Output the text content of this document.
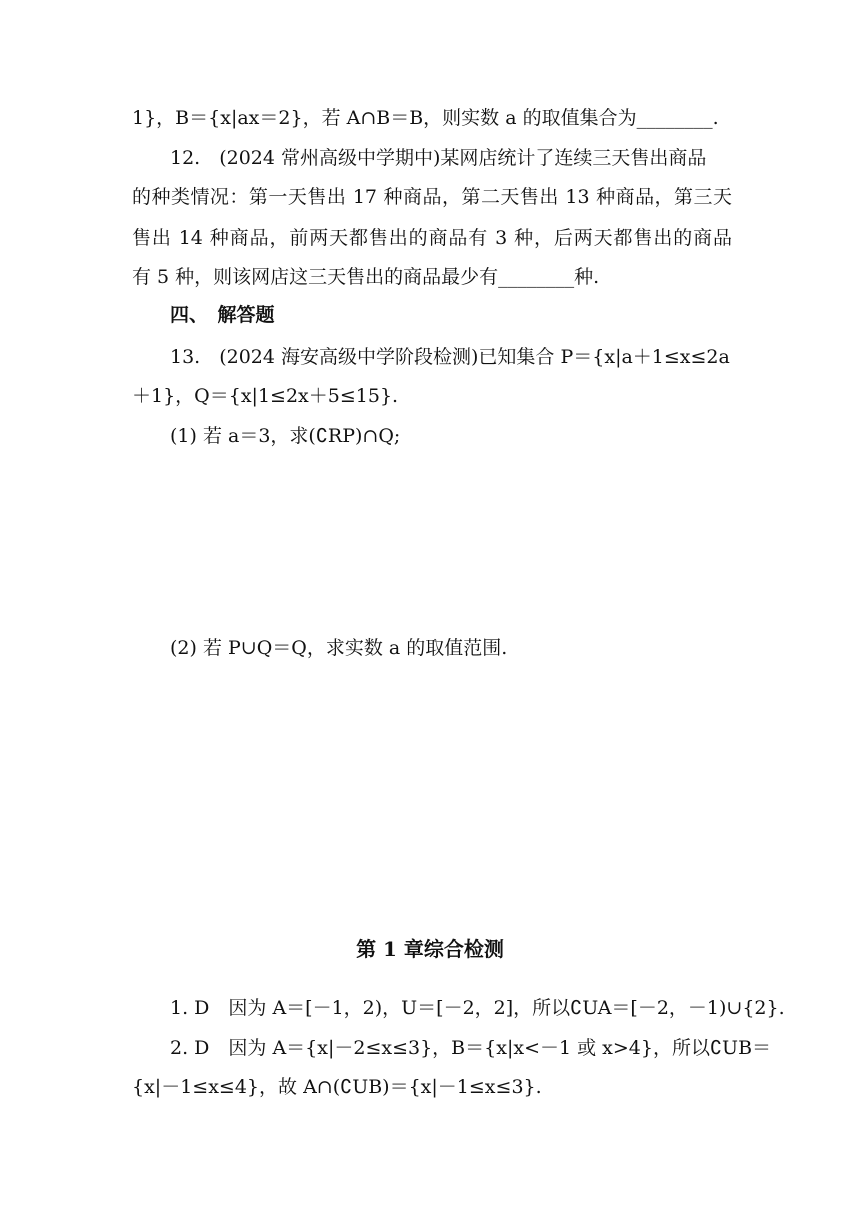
1}，B＝{x|ax＝2}，若 A∩B＝B，则实数 a 的取值集合为________.
12.　(2024 常州高级中学期中)某网店统计了连续三天售出商品
的种类情况：第一天售出 17 种商品，第二天售出 13 种商品，第三天
售出 14 种商品，前两天都售出的商品有 3 种，后两天都售出的商品
有 5 种，则该网店这三天售出的商品最少有________种.
四、　解答题
13.　(2024 海安高级中学阶段检测)已知集合 P＝{x|a＋1≤x≤2a
＋1}，Q＝{x|1≤2x＋5≤15}.
(1) 若 a＝3，求(∁RP)∩Q;
(2) 若 P∪Q＝Q，求实数 a 的取值范围.
第 1 章综合检测
1. D　因为 A＝[－1，2)，U＝[－2，2]，所以∁UA＝[－2，－1)∪{2}.
2. D　因为 A＝{x|－2≤x≤3}，B＝{x|x<－1 或 x>4}，所以∁UB＝
{x|－1≤x≤4}，故 A∩(∁UB)＝{x|－1≤x≤3}.
